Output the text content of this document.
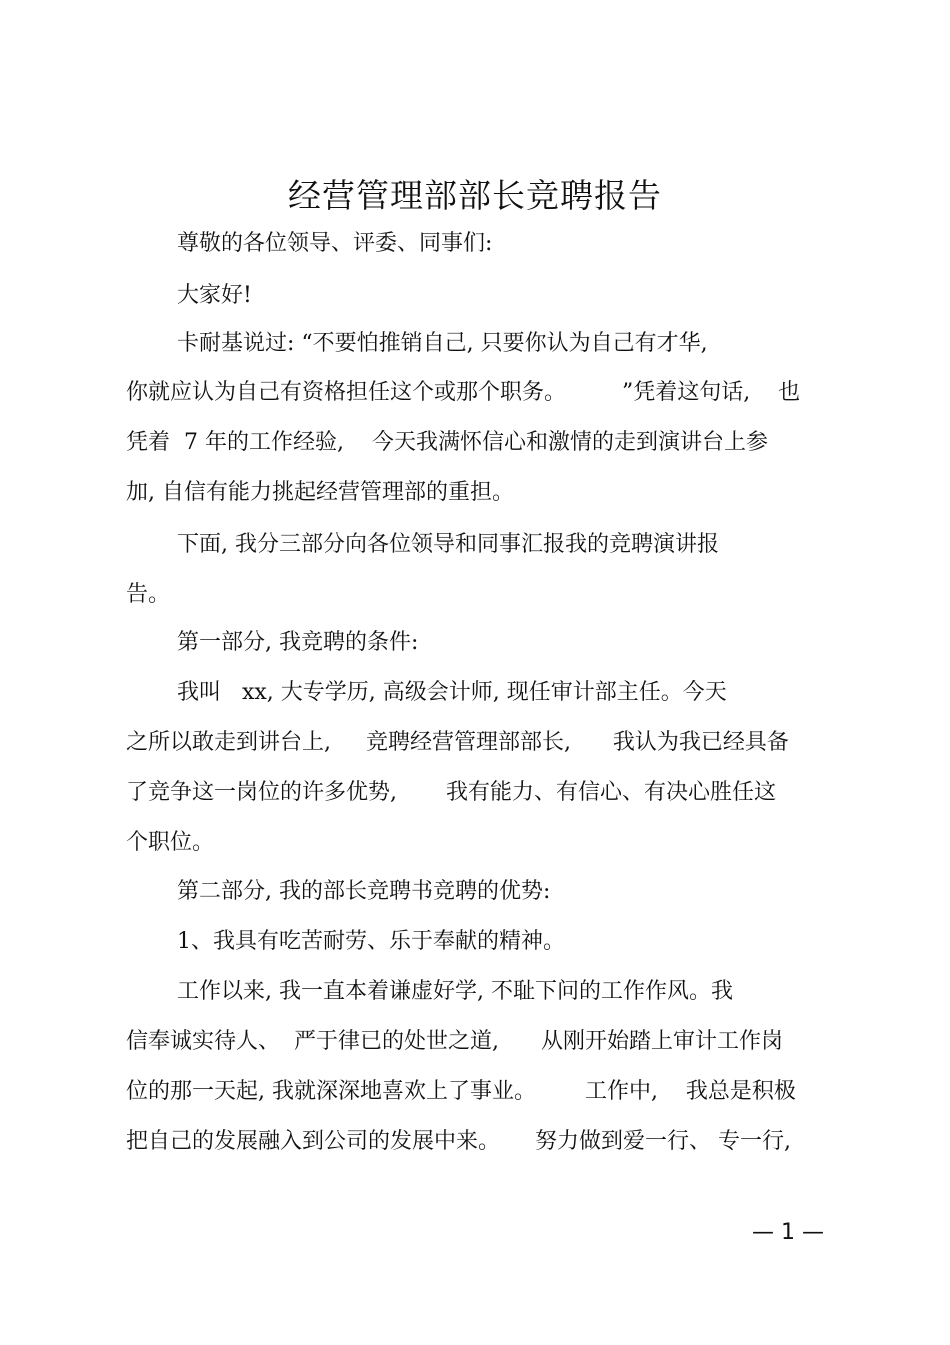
经营管理部部长竞聘报告
尊敬的各位领导、评委、同事们:
大家好!
卡耐基说过: “不要怕推销自己, 只要你认为自己有才华,
你就应认为自己有资格担任这个或那个职务。        ”凭着这句话,    也
凭着  7 年的工作经验,    今天我满怀信心和激情的走到演讲台上参
加, 自信有能力挑起经营管理部的重担。
下面, 我分三部分向各位领导和同事汇报我的竞聘演讲报
告。
第一部分, 我竞聘的条件:
我叫   xx, 大专学历, 高级会计师, 现任审计部主任。今天
之所以敢走到讲台上,     竞聘经营管理部部长,      我认为我已经具备
了竞争这一岗位的许多优势,       我有能力、有信心、有决心胜任这
个职位。
第二部分, 我的部长竞聘书竞聘的优势:
1、我具有吃苦耐劳、乐于奉献的精神。
工作以来, 我一直本着谦虚好学, 不耻下问的工作作风。我
信奉诚实待人、  严于律已的处世之道,      从刚开始踏上审计工作岗
位的那一天起, 我就深深地喜欢上了事业。       工作中,    我总是积极
把自己的发展融入到公司的发展中来。     努力做到爱一行、 专一行,
— 1 —
